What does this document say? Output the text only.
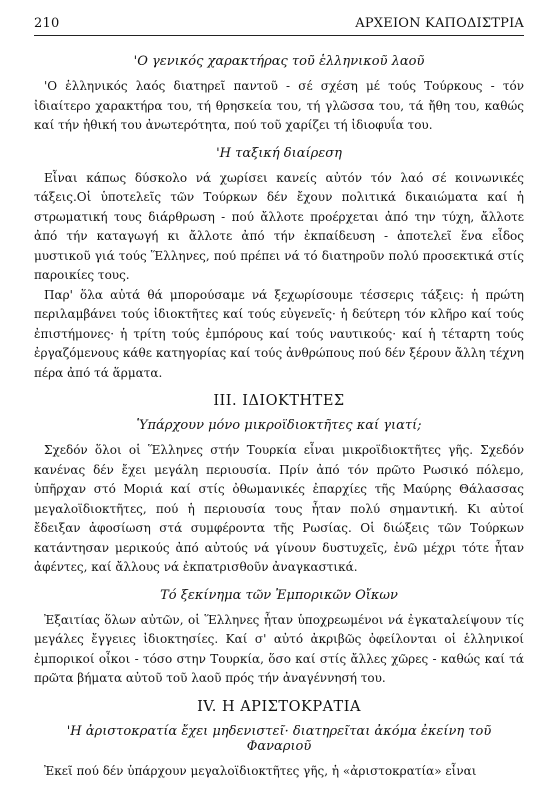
210	ΑΡΧΕΙΟΝ ΚΑΠΟΔΙΣΤΡΙΑ
'Ο γενικός χαρακτήρας τοῦ ἑλληνικοῦ λαοῦ

'Ο ἑλληνικός λαός διατηρεῖ παντοῦ - σέ σχέση μέ τούς Τούρκους - τόν ἰδιαίτερο χαρακτήρα του, τή θρησκεία του, τή γλῶσσα του, τά ἤθη του, καθώς καί τήν ἠθική του ἀνωτερότητα, πού τοῦ χαρίζει τή ἰδιοφυΐα του.

'Η ταξική διαίρεση

Εἶναι κάπως δύσκολο νά χωρίσει κανείς αὐτόν τόν λαό σέ κοινωνικές τάξεις.Οἱ ὑποτελεῖς τῶν Τούρκων δέν ἔχουν πολιτικά δικαιώματα καί ἡ στρωματική τους διάρθρωση - πού ἄλλοτε προέρχεται ἀπό την τύχη, ἄλλοτε ἀπό τήν καταγωγή κι ἄλλοτε ἀπό τήν ἐκπαίδευση - ἀποτελεῖ ἕνα εἶδος μυστικοῦ γιά τούς Ἕλληνες, πού πρέπει νά τό διατηροῦν πολύ προσεκτικά στίς παροικίες τους.

Παρ' ὅλα αὐτά θά μπορούσαμε νά ξεχωρίσουμε τέσσερις τάξεις: ἡ πρώτη περιλαμβάνει τούς ἰδιοκτῆτες καί τούς εὐγενεῖς· ἡ δεύτερη τόν κλῆρο καί τούς ἐπιστήμονες· ἡ τρίτη τούς ἐμπόρους καί τούς ναυτικούς· καί ἡ τέταρτη τούς ἐργαζόμενους κάθε κατηγορίας καί τούς ἀνθρώπους πού δέν ξέρουν ἄλλη τέχνη πέρα ἀπό τά ἅρματα.

III. ΙΔΙΟΚΤΗΤΕΣ
Ὑπάρχουν μόνο μικροϊδιοκτῆτες καί γιατί;

Σχεδόν ὅλοι οἱ Ἕλληνες στήν Τουρκία εἶναι μικροϊδιοκτῆτες γῆς. Σχεδόν κανένας δέν ἔχει μεγάλη περιουσία. Πρίν ἀπό τόν πρῶτο Ρωσικό πόλεμο, ὑπῆρχαν στό Μοριά καί στίς ὀθωμανικές ἐπαρχίες τῆς Μαύρης Θάλασσας μεγαλοϊδιοκτῆτες, πού ἡ περιουσία τους ἦταν πολύ σημαντική. Κι αὐτοί ἔδειξαν ἀφοσίωση στά συμφέροντα τῆς Ρωσίας. Οἱ διώξεις τῶν Τούρκων κατάντησαν μερικούς ἀπό αὐτούς νά γίνουν δυστυχεῖς, ἐνῶ μέχρι τότε ἦταν ἀφέντες, καί ἄλλους νά ἐκπατρισθοῦν ἀναγκαστικά.

Τό ξεκίνημα τῶν Ἐμπορικῶν Οἴκων

Ἐξαιτίας ὅλων αὐτῶν, οἱ Ἕλληνες ἦταν ὑποχρεωμένοι νά ἐγκαταλείψουν τίς μεγάλες ἔγγειες ἰδιοκτησίες. Καί σ' αὐτό ἀκριβῶς ὀφείλονται οἱ ἑλληνικοί ἐμπορικοί οἶκοι - τόσο στην Τουρκία, ὅσο καί στίς ἄλλες χῶρες - καθώς καί τά πρῶτα βήματα αὐτοῦ τοῦ λαοῦ πρός τήν ἀναγέννησή του.

IV. Η ΑΡΙΣΤΟΚΡΑΤΙΑ
'Η ἀριστοκρατία ἔχει μηδενιστεῖ· διατηρεῖται ἀκόμα ἐκείνη τοῦ Φαναριοῦ

Ἐκεῖ πού δέν ὑπάρχουν μεγαλοϊδιοκτῆτες γῆς, ἡ «ἀριστοκρατία» εἶναι
